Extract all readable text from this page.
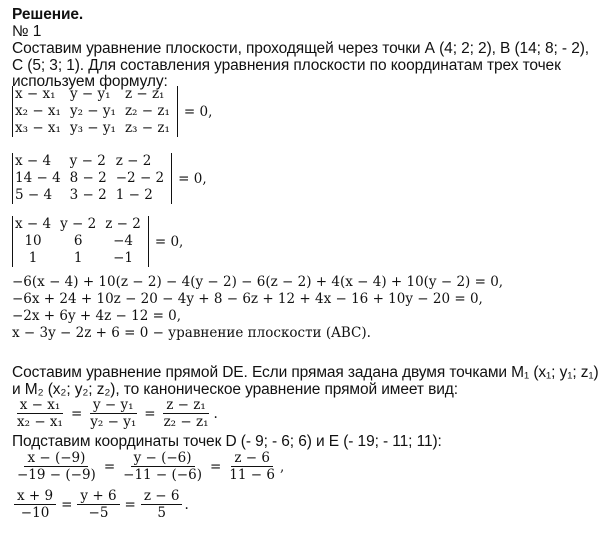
Решение.
№ 1
Составим уравнение плоскости, проходящей через точки А (4; 2; 2), В (14; 8; - 2),
С (5; 3; 1). Для составления уравнения плоскости по координатам трех точек
используем формулу:
x − x₁	y − y₁	z − z₁
x₂ − x₁	y₂ − y₁	z₂ − z₁
x₃ − x₁	y₃ − y₁	z₃ − z₁
= 0,
x − 4	y − 2	z − 2
14 − 4	8 − 2	−2 − 2
5 − 4	3 − 2	1 − 2
= 0,
x − 4	y − 2	z − 2
10	6	−4
1	1	−1
= 0,
−6(x − 4) + 10(z − 2) − 4(y − 2) − 6(z − 2) + 4(x − 4) + 10(y − 2) = 0,
−6x + 24 + 10z − 20 − 4y + 8 − 6z + 12 + 4x − 16 + 10y − 20 = 0,
−2x + 6y + 4z − 12 = 0,
x − 3y − 2z + 6 = 0 − уравнение плоскости (ABC).
Составим уравнение прямой DE. Если прямая задана двумя точками M₁ (x₁; y₁; z₁)
и M₂ (x₂; y₂; z₂), то каноническое уравнение прямой имеет вид:
$\frac{\text{x − x₁}}{\text{x₂ − x₁}} = \frac{\text{y − y₁}}{\text{y₂ − y₁}} = \frac{\text{z − z₁}}{\text{z₂ − z₁}}$ .
Подставим координаты точек D (- 9; - 6; 6) и E (- 19; - 11; 11):
$\frac{x - (-9)}{-19 - (-9)} = \frac{y - (-6)}{-11 - (-6)} = \frac{z - 6}{11 - 6}$ ,
$\frac{x + 9}{-10} = \frac{y + 6}{-5} = \frac{z - 6}{5}$ .
